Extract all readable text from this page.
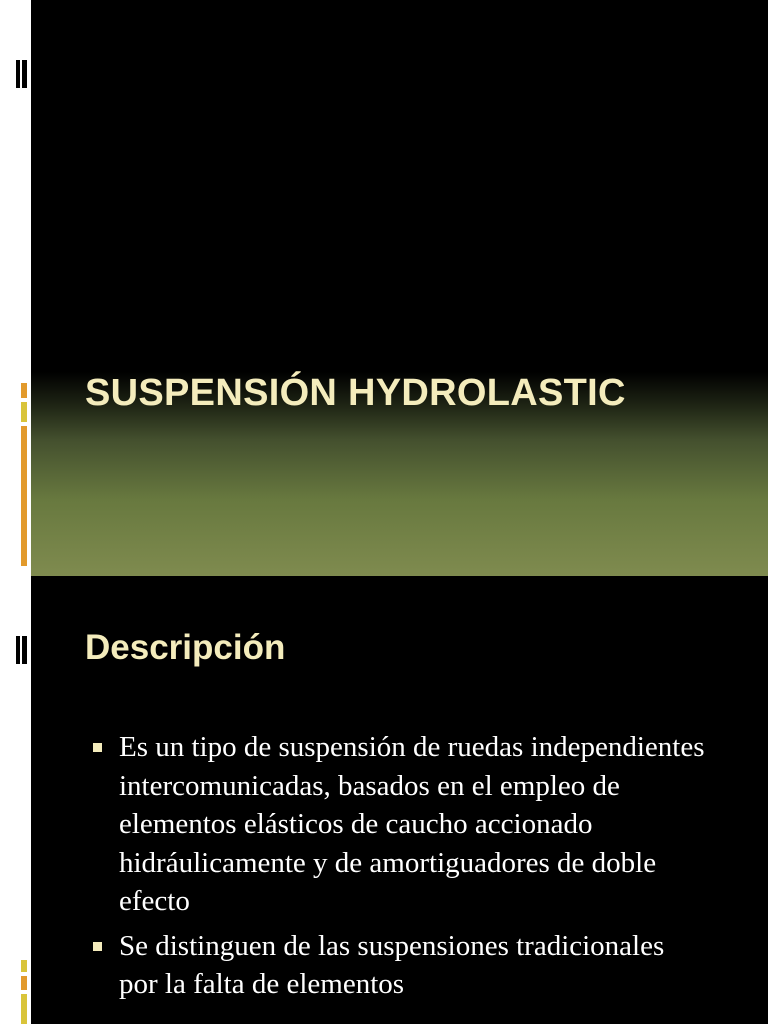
SUSPENSIÓN HYDROLASTIC
Descripción
Es un tipo de suspensión de ruedas independientes intercomunicadas, basados en el empleo de elementos elásticos de caucho accionado hidráulicamente y de amortiguadores de doble efecto
Se distinguen de las suspensiones tradicionales por la falta de elementos
